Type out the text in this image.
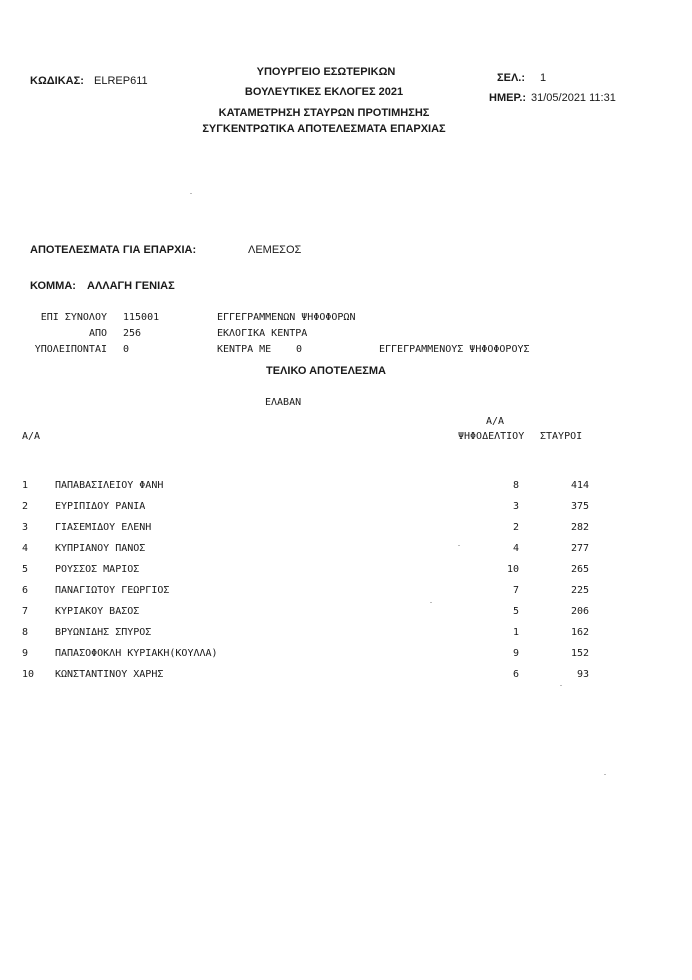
ΚΩΔΙΚΑΣ: ELREP611
ΥΠΟΥΡΓΕΙΟ ΕΣΩΤΕΡΙΚΩΝ
ΒΟΥΛΕΥΤΙΚΕΣ ΕΚΛΟΓΕΣ 2021
ΚΑΤΑΜΕΤΡΗΣΗ ΣΤΑΥΡΩΝ ΠΡΟΤΙΜΗΣΗΣ
ΣΥΓΚΕΝΤΡΩΤΙΚΑ ΑΠΟΤΕΛΕΣΜΑΤΑ ΕΠΑΡΧΙΑΣ
ΣΕΛ.: 1
ΗΜΕΡ.: 31/05/2021 11:31
ΑΠΟΤΕΛΕΣΜΑΤΑ ΓΙΑ ΕΠΑΡΧΙΑ:	ΛΕΜΕΣΟΣ
ΚΟΜΜΑ: ΑΛΛΑΓΗ ΓΕΝΙΑΣ
ΕΠΙ ΣΥΝΟΛΟΥ 115001	ΕΓΓΕΓΡΑΜΜΕΝΩΝ ΨΗΦΟΦΟΡΩΝ
ΑΠΟ 256	ΕΚΛΟΓΙΚΑ ΚΕΝΤΡΑ
ΥΠΟΛΕΙΠΟΝΤΑΙ 0	ΚΕΝΤΡΑ ΜΕ 0	ΕΓΓΕΓΡΑΜΜΕΝΟΥΣ ΨΗΦΟΦΟΡΟΥΣ
ΤΕΛΙΚΟ ΑΠΟΤΕΛΕΣΜΑ
ΕΛΑΒΑΝ
Α/Α
Α/Α
ΨΗΦΟΔΕΛΤΙΟΥ ΣΤΑΥΡΟΙ
1	ΠΑΠΑΒΑΣΙΛΕΙΟΥ ΦΑΝΗ	8	414
2	ΕΥΡΙΠΙΔΟΥ ΡΑΝΙΑ	3	375
3	ΓΙΑΣΕΜΙΔΟΥ ΕΛΕΝΗ	2	282
4	ΚΥΠΡΙΑΝΟΥ ΠΑΝΟΣ	4	277
5	ΡΟΥΣΣΟΣ ΜΑΡΙΟΣ	10	265
6	ΠΑΝΑΓΙΩΤΟΥ ΓΕΩΡΓΙΟΣ	7	225
7	ΚΥΡΙΑΚΟΥ ΒΑΣΟΣ	5	206
8	ΒΡΥΩΝΙΔΗΣ ΣΠΥΡΟΣ	1	162
9	ΠΑΠΑΣΟΦΟΚΛΗ ΚΥΡΙΑΚΗ(ΚΟΥΛΛΑ)	9	152
10 ΚΩΝΣΤΑΝΤΙΝΟΥ ΧΑΡΗΣ	6	93
